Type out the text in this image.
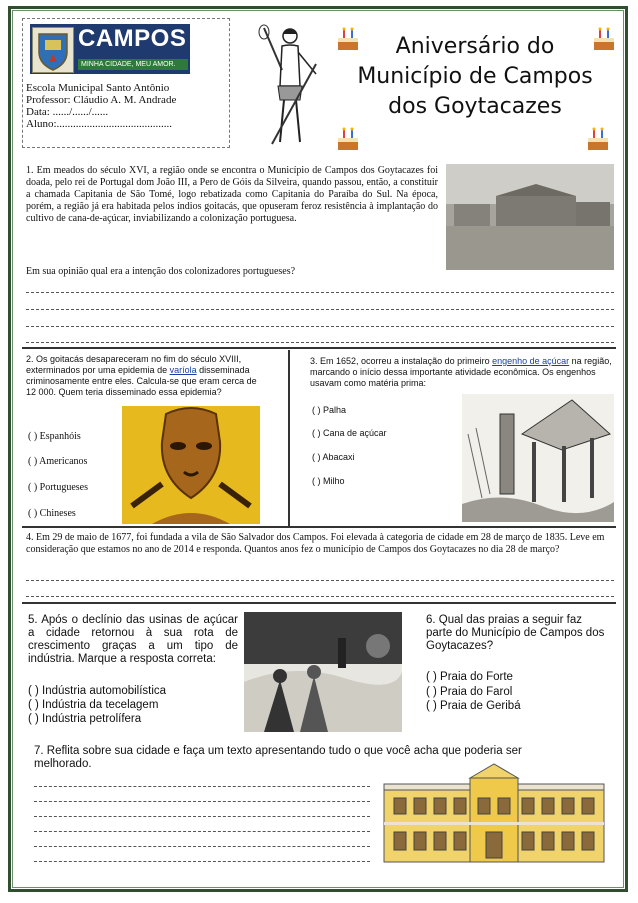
CAMPOS
MINHA CIDADE, MEU AMOR.
Escola Municipal Santo Antônio
Professor: Cláudio A. M. Andrade
Data: ....../....../......
Aluno:..........................................
Aniversário do
Município de Campos
dos Goytacazes
1. Em meados do século XVI, a região onde se encontra o Município de Campos dos Goytacazes foi doada, pelo rei de Portugal dom João III, a Pero de Góis da Silveira, quando passou, então, a constituir a chamada Capitania de São Tomé, logo rebatizada como Capitania do Paraíba do Sul. Na época, porém, a região já era habitada pelos índios goitacás, que opuseram feroz resistência à implantação do cultivo de cana-de-açúcar, inviabilizando a colonização portuguesa.
Em sua opinião qual era a intenção dos colonizadores portugueses?
2. Os goitacás desapareceram no fim do século XVIII, exterminados por uma epidemia de varíola disseminada criminosamente entre eles. Calcula-se que eram cerca de 12 000. Quem teria disseminado essa epidemia?
( ) Espanhóis
( ) Americanos
( ) Portugueses
( ) Chineses
3. Em 1652, ocorreu a instalação do primeiro engenho de açúcar na região, marcando o início dessa importante atividade econômica. Os engenhos usavam como matéria prima:
( ) Palha
( ) Cana de açúcar
( ) Abacaxi
( ) Milho
4. Em 29 de maio de 1677, foi fundada a vila de São Salvador dos Campos. Foi elevada à categoria de cidade em 28 de março de 1835. Leve em consideração que estamos no ano de 2014 e responda. Quantos anos fez o município de Campos dos Goytacazes no dia 28 de março?
5. Após o declínio das usinas de açúcar a cidade retornou à sua rota de crescimento graças a um tipo de indústria. Marque a resposta correta:
( ) Indústria automobilística
( ) Indústria da tecelagem
( ) Indústria petrolífera
6. Qual das praias a seguir faz parte do Município de Campos dos Goytacazes?
( ) Praia do Forte
( ) Praia do Farol
( ) Praia de Geribá
7. Reflita sobre sua cidade e faça um texto apresentando tudo o que você acha que poderia ser melhorado.
